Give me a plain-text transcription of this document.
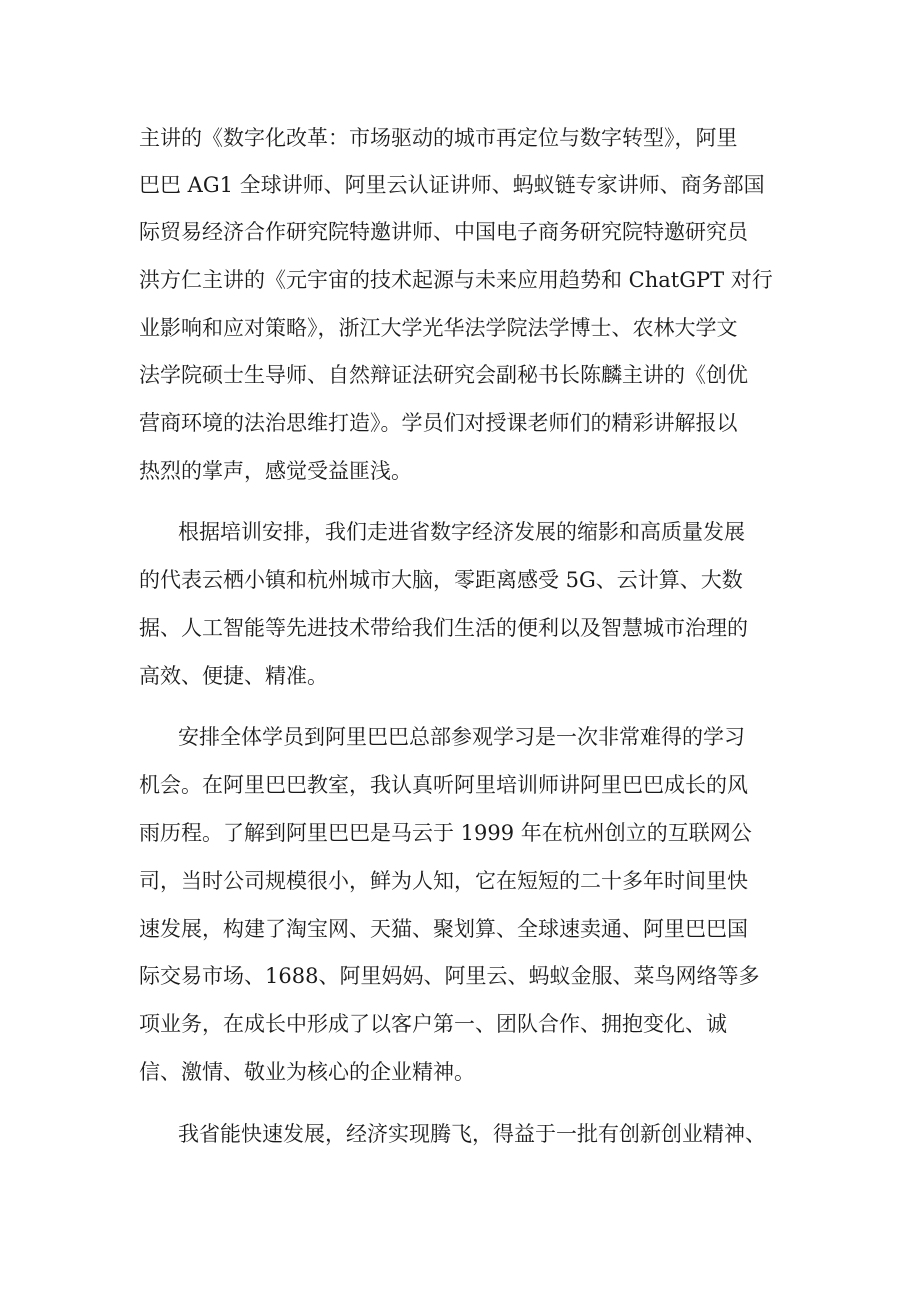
主讲的《数字化改革：市场驱动的城市再定位与数字转型》，阿里
巴巴 AG1 全球讲师、阿里云认证讲师、蚂蚁链专家讲师、商务部国
际贸易经济合作研究院特邀讲师、中国电子商务研究院特邀研究员
洪方仁主讲的《元宇宙的技术起源与未来应用趋势和 ChatGPT 对行
业影响和应对策略》，浙江大学光华法学院法学博士、农林大学文
法学院硕士生导师、自然辩证法研究会副秘书长陈麟主讲的《创优
营商环境的法治思维打造》。学员们对授课老师们的精彩讲解报以
热烈的掌声，感觉受益匪浅。
根据培训安排，我们走进省数字经济发展的缩影和高质量发展
的代表云栖小镇和杭州城市大脑，零距离感受 5G、云计算、大数
据、人工智能等先进技术带给我们生活的便利以及智慧城市治理的
高效、便捷、精准。
安排全体学员到阿里巴巴总部参观学习是一次非常难得的学习
机会。在阿里巴巴教室，我认真听阿里培训师讲阿里巴巴成长的风
雨历程。了解到阿里巴巴是马云于 1999 年在杭州创立的互联网公
司，当时公司规模很小，鲜为人知，它在短短的二十多年时间里快
速发展，构建了淘宝网、天猫、聚划算、全球速卖通、阿里巴巴国
际交易市场、1688、阿里妈妈、阿里云、蚂蚁金服、菜鸟网络等多
项业务，在成长中形成了以客户第一、团队合作、拥抱变化、诚
信、激情、敬业为核心的企业精神。
我省能快速发展，经济实现腾飞，得益于一批有创新创业精神、
